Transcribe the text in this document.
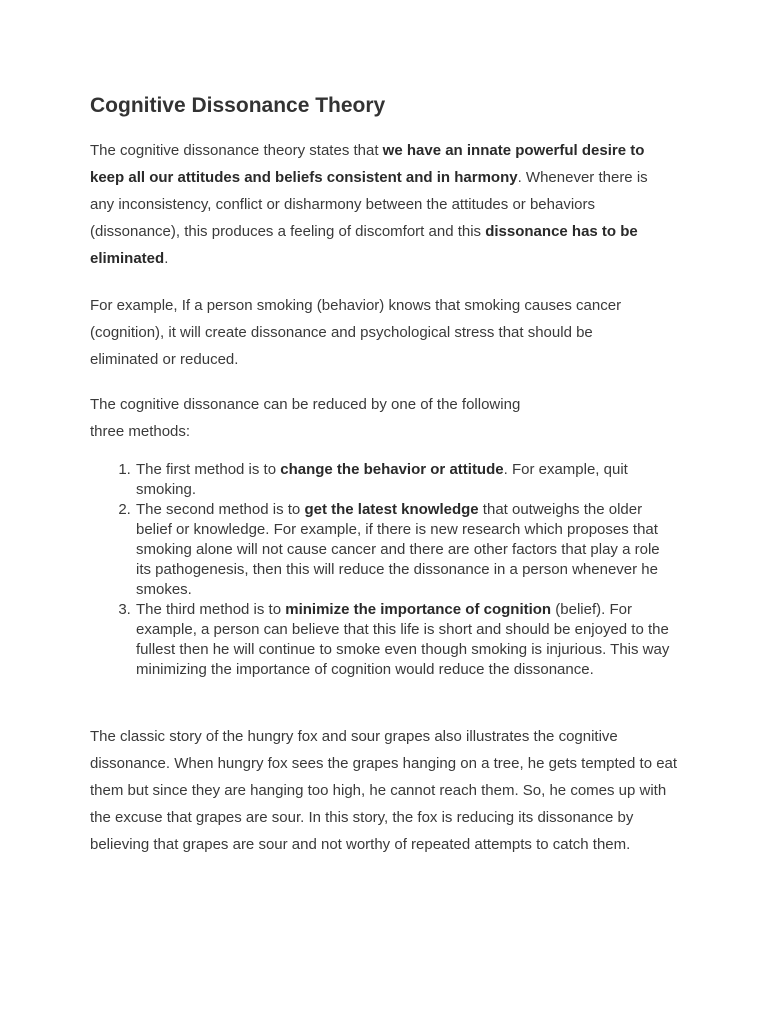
Cognitive Dissonance Theory

The cognitive dissonance theory states that we have an innate powerful desire to keep all our attitudes and beliefs consistent and in harmony. Whenever there is any inconsistency, conflict or disharmony between the attitudes or behaviors (dissonance), this produces a feeling of discomfort and this dissonance has to be eliminated.

For example, If a person smoking (behavior) knows that smoking causes cancer (cognition), it will create dissonance and psychological stress that should be eliminated or reduced.

The cognitive dissonance can be reduced by one of the following
three methods:

1. The first method is to change the behavior or attitude. For example, quit smoking.
2. The second method is to get the latest knowledge that outweighs the older belief or knowledge. For example, if there is new research which proposes that smoking alone will not cause cancer and there are other factors that play a role its pathogenesis, then this will reduce the dissonance in a person whenever he smokes.
3. The third method is to minimize the importance of cognition (belief). For example, a person can believe that this life is short and should be enjoyed to the fullest then he will continue to smoke even though smoking is injurious. This way minimizing the importance of cognition would reduce the dissonance.

The classic story of the hungry fox and sour grapes also illustrates the cognitive dissonance. When hungry fox sees the grapes hanging on a tree, he gets tempted to eat them but since they are hanging too high, he cannot reach them. So, he comes up with the excuse that grapes are sour. In this story, the fox is reducing its dissonance by believing that grapes are sour and not worthy of repeated attempts to catch them.
